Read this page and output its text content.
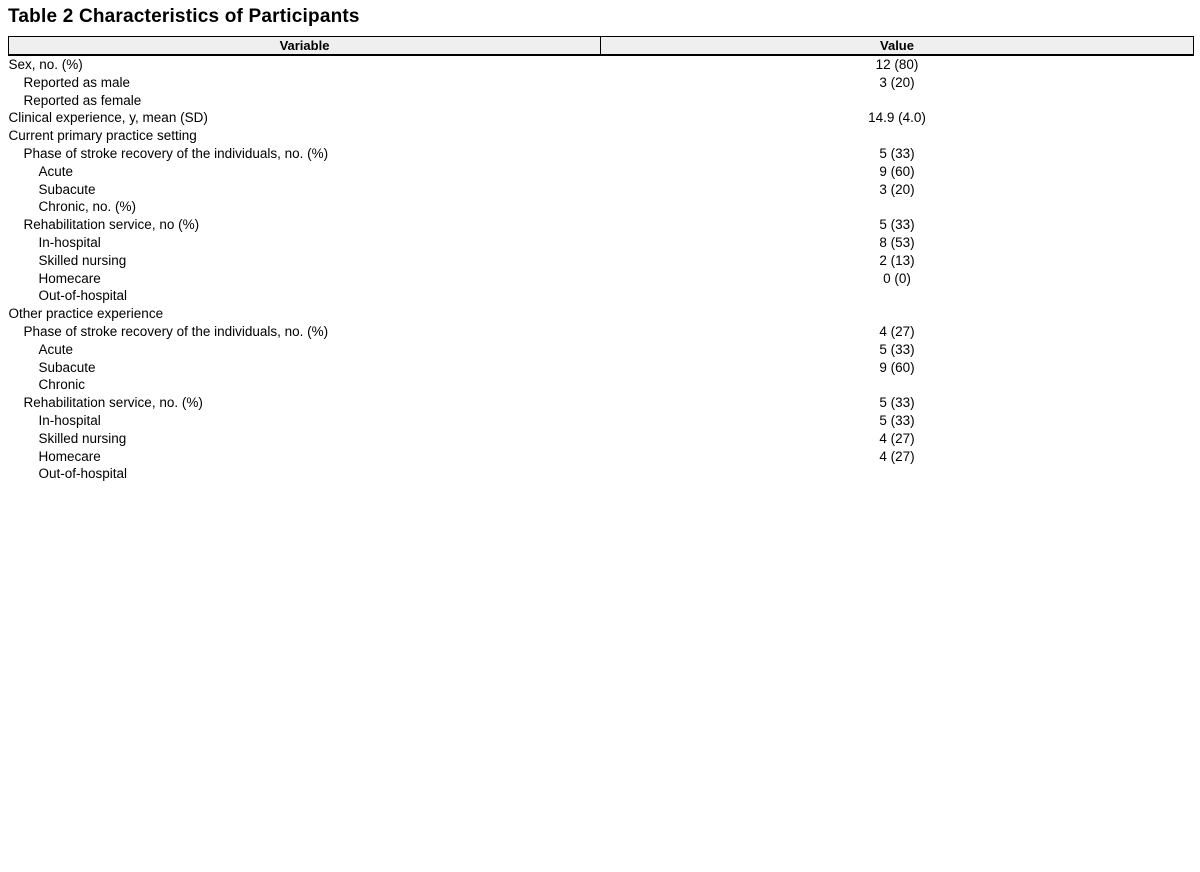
Table 2 Characteristics of Participants
Variable	Value
Sex, no. (%)	12 (80)
Reported as male	3 (20)
Reported as female	
Clinical experience, y, mean (SD)	14.9 (4.0)
Current primary practice setting	
Phase of stroke recovery of the individuals, no. (%)	5 (33)
Acute	9 (60)
Subacute	3 (20)
Chronic, no. (%)	
Rehabilitation service, no (%)	5 (33)
In-hospital	8 (53)
Skilled nursing	2 (13)
Homecare	0 (0)
Out-of-hospital	
Other practice experience	
Phase of stroke recovery of the individuals, no. (%)	4 (27)
Acute	5 (33)
Subacute	9 (60)
Chronic	
Rehabilitation service, no. (%)	5 (33)
In-hospital	5 (33)
Skilled nursing	4 (27)
Homecare	4 (27)
Out-of-hospital	
